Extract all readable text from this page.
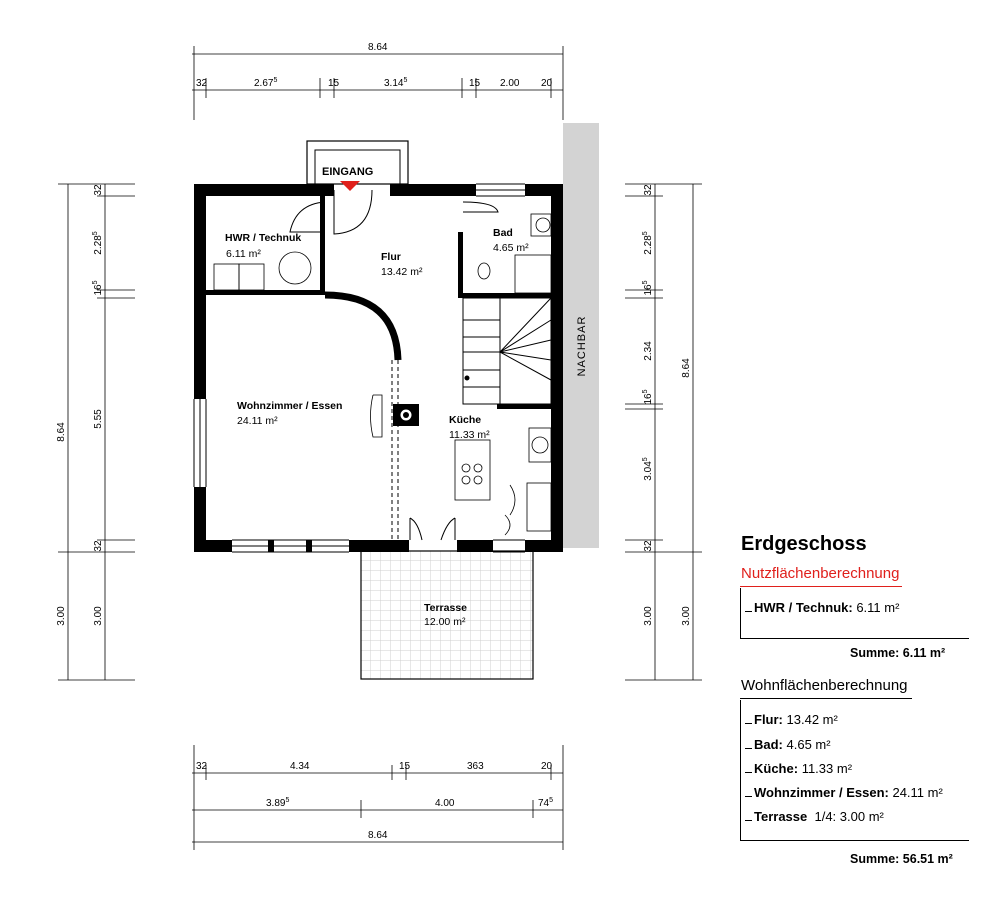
NACHBAR
EINGANG
HWR / Technuk
6.11 m²	Flur
13.42 m²
Bad
4.65 m²
Wohnzimmer / Essen
24.11 m²	Küche
11.33 m²
Terrasse
12.00 m²
8.64
32	2.67$^5$	15	3.14$^5$	15 2.00 20
32	4.34	15	363	20
3.89$^5$	4.00	$74^5$
8.64
8.64
32
2.28$^5$
$16^5$
5.55
32
3.00	3.00
32
2.28$^5$
$16^5$
2.34
$16^5$
3.04$^5$
32
3.00
8.64
3.00
Erdgeschoss
Nutzflächenberechnung
HWR / Technuk: 6.11 m²
Summe: 6.11 m²
Wohnflächenberechnung
Flur: 13.42 m²
Bad: 4.65 m²
Küche: 11.33 m²
Wohnzimmer / Essen: 24.11 m²
Terrasse 1/4: 3.00 m²
Summe: 56.51 m²
